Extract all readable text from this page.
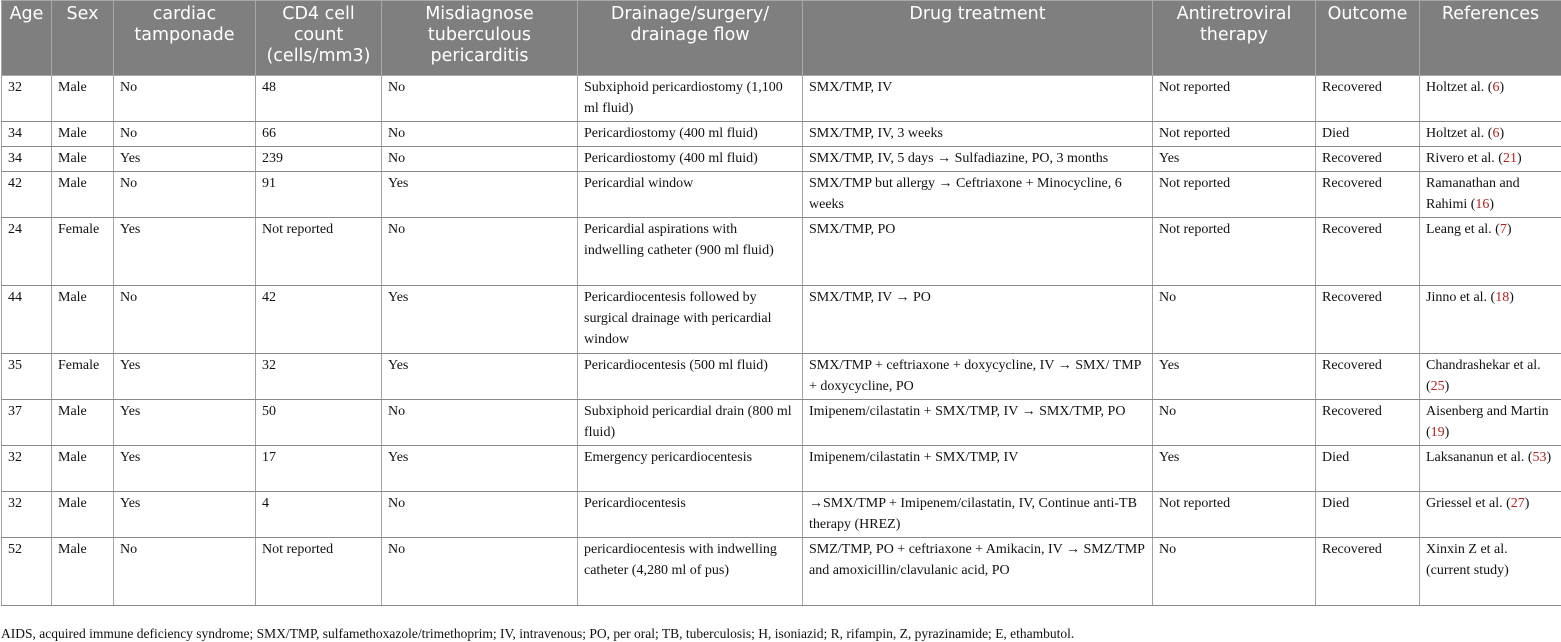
Age	Sex	cardiac tamponade	CD4 cell count (cells/mm3)	Misdiagnose tuberculous pericarditis	Drainage/surgery/ drainage flow	Drug treatment	Antiretroviral therapy	Outcome	References
32	Male	No	48	No	Subxiphoid pericardiostomy (1,100 ml fluid)	SMX/TMP, IV	Not reported	Recovered	Holtzet al. (6)
34	Male	No	66	No	Pericardiostomy (400 ml fluid)	SMX/TMP, IV, 3 weeks	Not reported	Died	Holtzet al. (6)
34	Male	Yes	239	No	Pericardiostomy (400 ml fluid)	SMX/TMP, IV, 5 days → Sulfadiazine, PO, 3 months	Yes	Recovered	Rivero et al. (21)
42	Male	No	91	Yes	Pericardial window	SMX/TMP but allergy → Ceftriaxone + Minocycline, 6 weeks	Not reported	Recovered	Ramanathan and Rahimi (16)
24	Female	Yes	Not reported	No	Pericardial aspirations with indwelling catheter (900 ml fluid)	SMX/TMP, PO	Not reported	Recovered	Leang et al. (7)
44	Male	No	42	Yes	Pericardiocentesis followed by surgical drainage with pericardial window	SMX/TMP, IV → PO	No	Recovered	Jinno et al. (18)
35	Female	Yes	32	Yes	Pericardiocentesis (500 ml fluid)	SMX/TMP + ceftriaxone + doxycycline, IV → SMX/ TMP + doxycycline, PO	Yes	Recovered	Chandrashekar et al. (25)
37	Male	Yes	50	No	Subxiphoid pericardial drain (800 ml fluid)	Imipenem/cilastatin + SMX/TMP, IV → SMX/TMP, PO	No	Recovered	Aisenberg and Martin (19)
32	Male	Yes	17	Yes	Emergency pericardiocentesis	Imipenem/cilastatin + SMX/TMP, IV	Yes	Died	Laksananun et al. (53)
32	Male	Yes	4	No	Pericardiocentesis	→SMX/TMP + Imipenem/cilastatin, IV, Continue anti-TB therapy (HREZ)	Not reported	Died	Griessel et al. (27)
52	Male	No	Not reported	No	pericardiocentesis with indwelling catheter (4,280 ml of pus)	SMZ/TMP, PO + ceftriaxone + Amikacin, IV → SMZ/TMP and amoxicillin/clavulanic acid, PO	No	Recovered	Xinxin Z et al. (current study)
AIDS, acquired immune deficiency syndrome; SMX/TMP, sulfamethoxazole/trimethoprim; IV, intravenous; PO, per oral; TB, tuberculosis; H, isoniazid; R, rifampin, Z, pyrazinamide; E, ethambutol.
